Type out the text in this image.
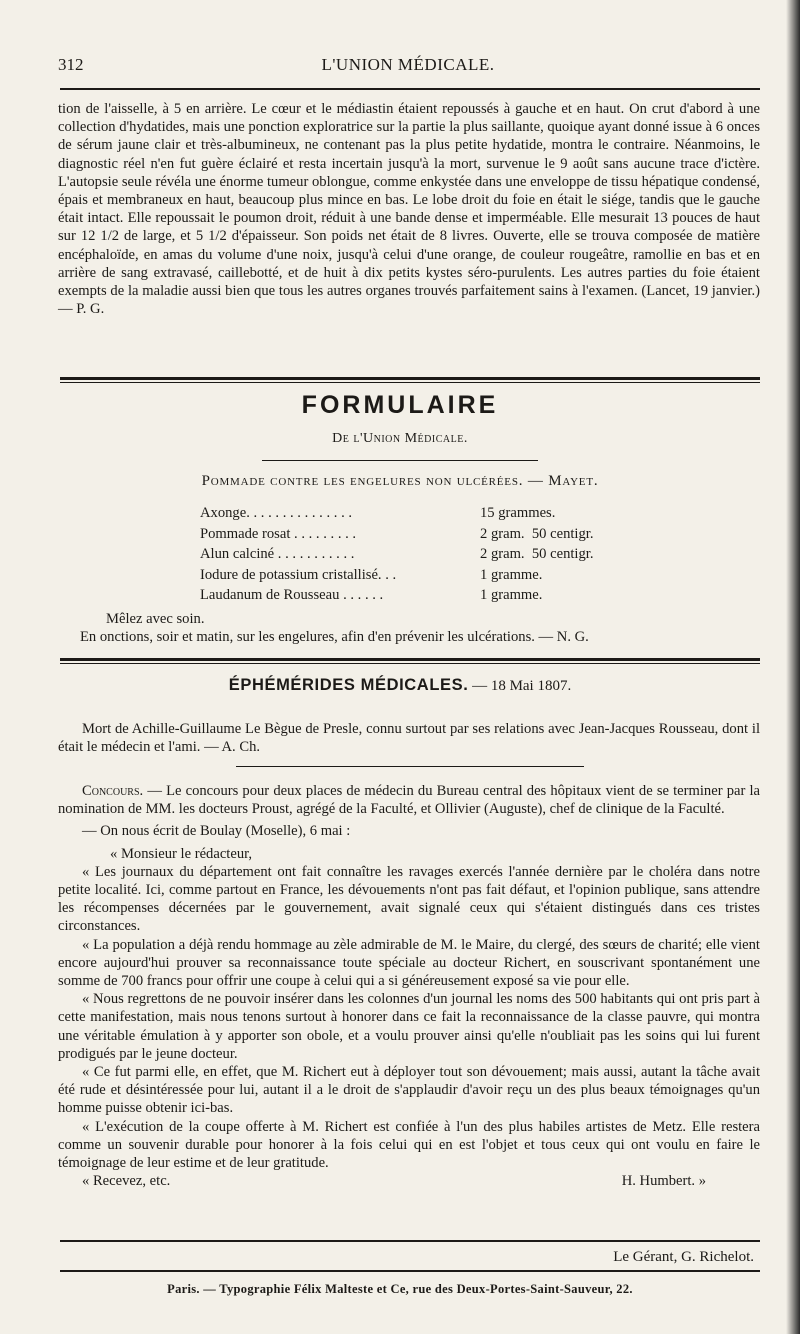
312	L'UNION MÉDICALE.

tion de l'aisselle, à 5 en arrière. Le cœur et le médiastin étaient repoussés à gauche et en haut. On crut d'abord à une collection d'hydatides, mais une ponction exploratrice sur la partie la plus saillante, quoique ayant donné issue à 6 onces de sérum jaune clair et très-albumineux, ne contenant pas la plus petite hydatide, montra le contraire. Néanmoins, le diagnostic réel n'en fut guère éclairé et resta incertain jusqu'à la mort, survenue le 9 août sans aucune trace d'ictère. L'autopsie seule révéla une énorme tumeur oblongue, comme enkystée dans une enveloppe de tissu hépatique condensé, épais et membraneux en haut, beaucoup plus mince en bas. Le lobe droit du foie en était le siége, tandis que le gauche était intact. Elle repoussait le poumon droit, réduit à une bande dense et imperméable. Elle mesurait 13 pouces de haut sur 12 1/2 de large, et 5 1/2 d'épaisseur. Son poids net était de 8 livres. Ouverte, elle se trouva composée de matière encéphaloïde, en amas du volume d'une noix, jusqu'à celui d'une orange, de couleur rougeâtre, ramollie en bas et en arrière de sang extravasé, caillebotté, et de huit à dix petits kystes séro-purulents. Les autres parties du foie étaient exempts de la maladie aussi bien que tous les autres organes trouvés parfaitement sains à l'examen. (Lancet, 19 janvier.) — P. G.

FORMULAIRE
De l'Union Médicale.
Pommade contre les engelures non ulcérées. — Mayet.
Axonge. . . . . . . . . . . . . . .	15 grammes.
Pommade rosat . . . . . . . . .	2 gram.  50 centigr.
Alun calciné . . . . . . . . . . .	2 gram.  50 centigr.
Iodure de potassium cristallisé. . .	1 gramme.
Laudanum de Rousseau . . . . . .	1 gramme.
Mêlez avec soin.
En onctions, soir et matin, sur les engelures, afin d'en prévenir les ulcérations. — N. G.
ÉPHÉMÉRIDES MÉDICALES. — 18 Mai 1807.

Mort de Achille-Guillaume Le Bègue de Presle, connu surtout par ses relations avec Jean-Jacques Rousseau, dont il était le médecin et l'ami. — A. Ch.

Concours. — Le concours pour deux places de médecin du Bureau central des hôpitaux vient de se terminer par la nomination de MM. les docteurs Proust, agrégé de la Faculté, et Ollivier (Auguste), chef de clinique de la Faculté.

— On nous écrit de Boulay (Moselle), 6 mai :

« Monsieur le rédacteur,

« Les journaux du département ont fait connaître les ravages exercés l'année dernière par le choléra dans notre petite localité. Ici, comme partout en France, les dévouements n'ont pas fait défaut, et l'opinion publique, sans attendre les récompenses décernées par le gouvernement, avait signalé ceux qui s'étaient distingués dans ces tristes circonstances.

« La population a déjà rendu hommage au zèle admirable de M. le Maire, du clergé, des sœurs de charité; elle vient encore aujourd'hui prouver sa reconnaissance toute spéciale au docteur Richert, en souscrivant spontanément une somme de 700 francs pour offrir une coupe à celui qui a si généreusement exposé sa vie pour elle.

« Nous regrettons de ne pouvoir insérer dans les colonnes d'un journal les noms des 500 habitants qui ont pris part à cette manifestation, mais nous tenons surtout à honorer dans ce fait la reconnaissance de la classe pauvre, qui montra une véritable émulation à y apporter son obole, et a voulu prouver ainsi qu'elle n'oubliait pas les soins qui lui furent prodigués par le jeune docteur.

« Ce fut parmi elle, en effet, que M. Richert eut à déployer tout son dévouement; mais aussi, autant la tâche avait été rude et désintéressée pour lui, autant il a le droit de s'applaudir d'avoir reçu un des plus beaux témoignages qu'un homme puisse obtenir ici-bas.

« L'exécution de la coupe offerte à M. Richert est confiée à l'un des plus habiles artistes de Metz. Elle restera comme un souvenir durable pour honorer à la fois celui qui en est l'objet et tous ceux qui ont voulu en faire le témoignage de leur estime et de leur gratitude.

« Recevez, etc.	H. Humbert. »
Le Gérant, G. Richelot.
Paris. — Typographie Félix Malteste et Ce, rue des Deux-Portes-Saint-Sauveur, 22.
